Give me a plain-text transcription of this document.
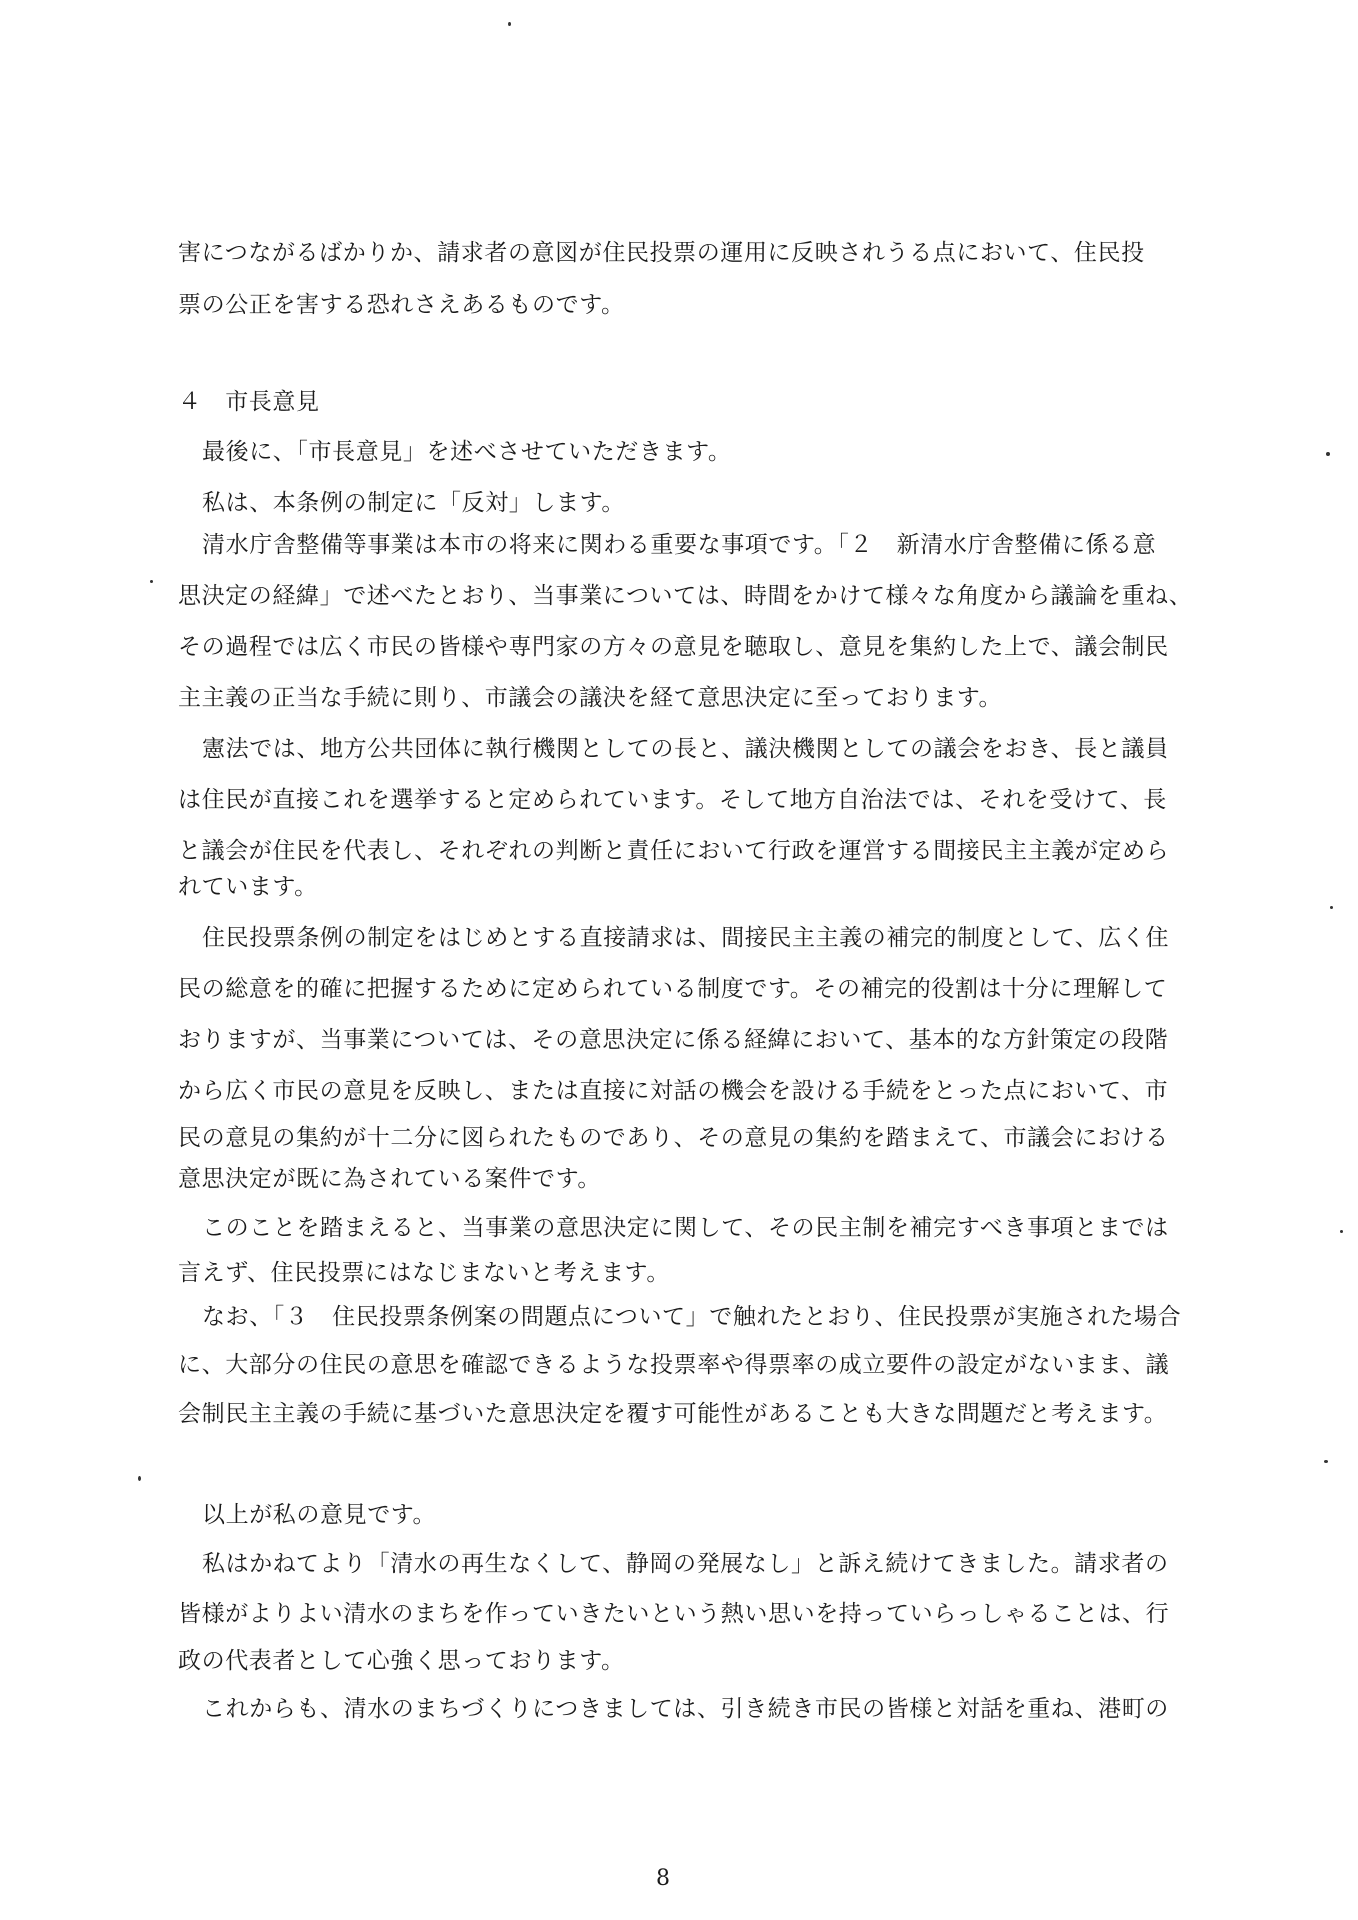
害につながるばかりか、請求者の意図が住民投票の運用に反映されうる点において、住民投
票の公正を害する恐れさえあるものです。
４　市長意見
最後に、「市長意見」を述べさせていただきます。
私は、本条例の制定に「反対」します。
清水庁舎整備等事業は本市の将来に関わる重要な事項です。「２　新清水庁舎整備に係る意
思決定の経緯」で述べたとおり、当事業については、時間をかけて様々な角度から議論を重ね、
その過程では広く市民の皆様や専門家の方々の意見を聴取し、意見を集約した上で、議会制民
主主義の正当な手続に則り、市議会の議決を経て意思決定に至っております。
憲法では、地方公共団体に執行機関としての長と、議決機関としての議会をおき、長と議員
は住民が直接これを選挙すると定められています。そして地方自治法では、それを受けて、長
と議会が住民を代表し、それぞれの判断と責任において行政を運営する間接民主主義が定めら
れています。
住民投票条例の制定をはじめとする直接請求は、間接民主主義の補完的制度として、広く住
民の総意を的確に把握するために定められている制度です。その補完的役割は十分に理解して
おりますが、当事業については、その意思決定に係る経緯において、基本的な方針策定の段階
から広く市民の意見を反映し、または直接に対話の機会を設ける手続をとった点において、市
民の意見の集約が十二分に図られたものであり、その意見の集約を踏まえて、市議会における
意思決定が既に為されている案件です。
このことを踏まえると、当事業の意思決定に関して、その民主制を補完すべき事項とまでは
言えず、住民投票にはなじまないと考えます。
なお、「３　住民投票条例案の問題点について」で触れたとおり、住民投票が実施された場合
に、大部分の住民の意思を確認できるような投票率や得票率の成立要件の設定がないまま、議
会制民主主義の手続に基づいた意思決定を覆す可能性があることも大きな問題だと考えます。
以上が私の意見です。
私はかねてより「清水の再生なくして、静岡の発展なし」と訴え続けてきました。請求者の
皆様がよりよい清水のまちを作っていきたいという熱い思いを持っていらっしゃることは、行
政の代表者として心強く思っております。
これからも、清水のまちづくりにつきましては、引き続き市民の皆様と対話を重ね、港町の
8
